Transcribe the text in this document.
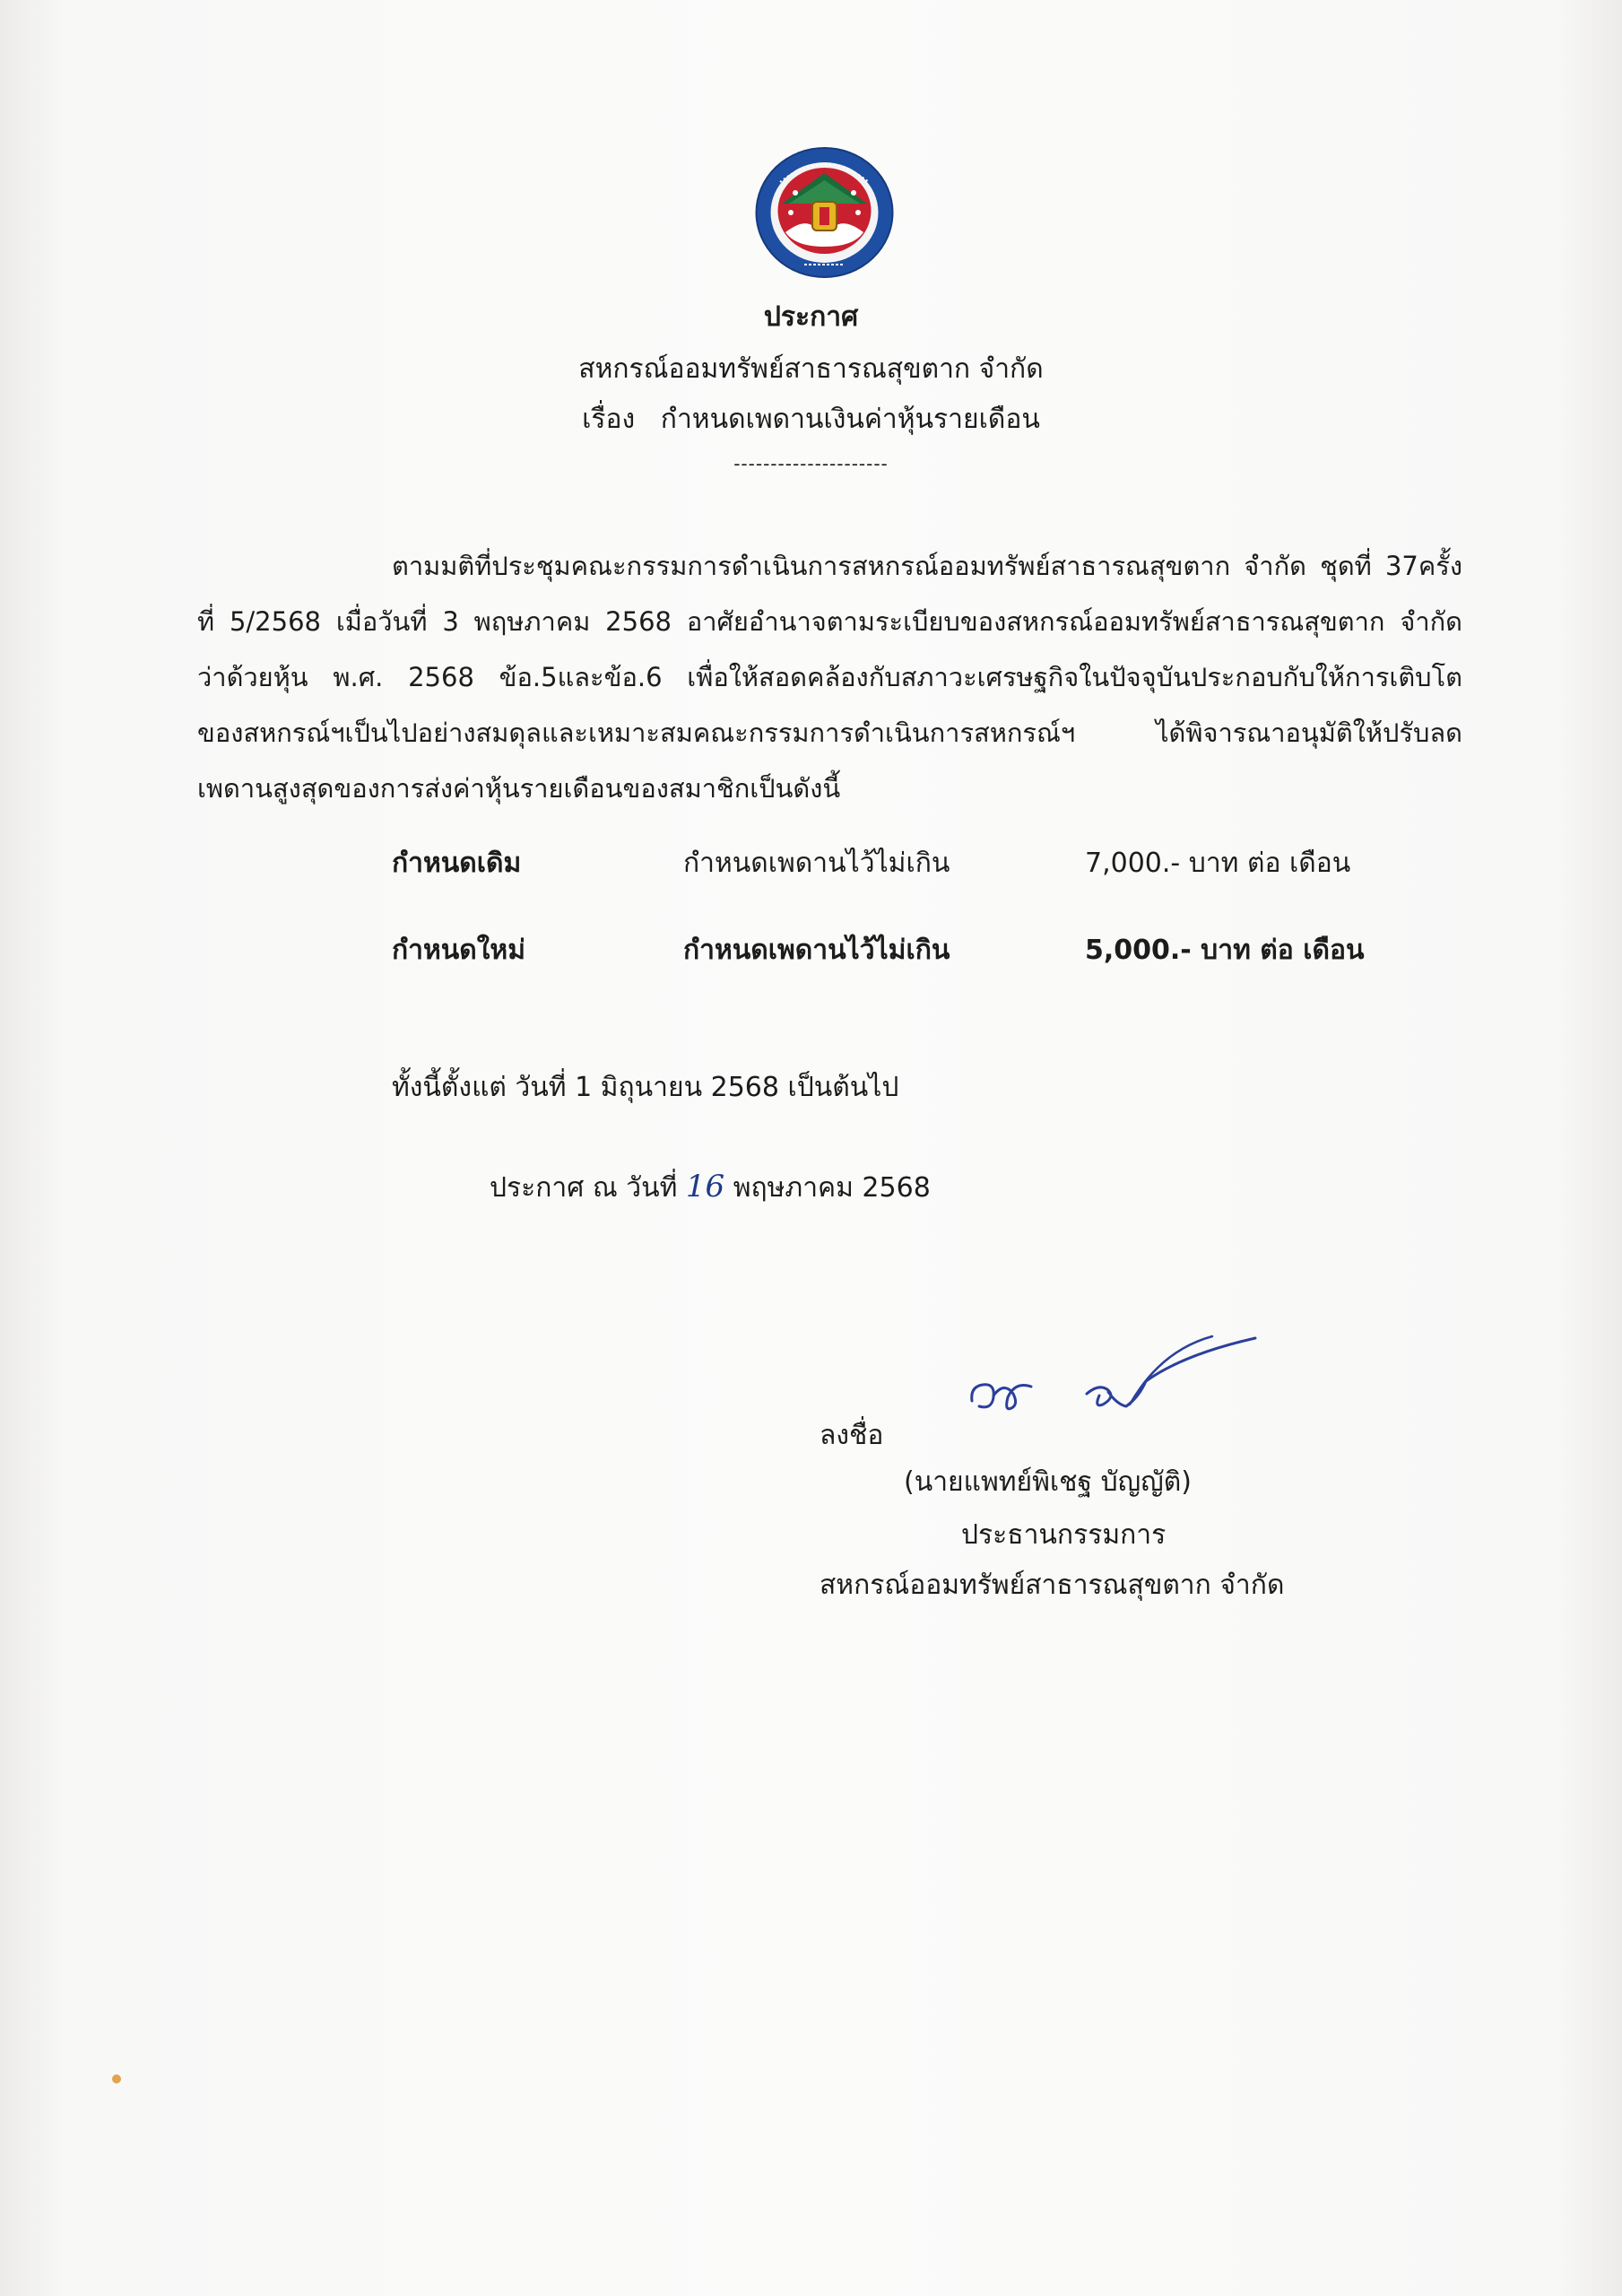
ประกาศ
สหกรณ์ออมทรัพย์สาธารณสุขตาก จำกัด
เรื่อง กำหนดเพดานเงินค่าหุ้นรายเดือน
---------------------
ตามมติที่ประชุมคณะกรรมการดำเนินการสหกรณ์ออมทรัพย์สาธารณสุขตาก จำกัด ชุดที่ 37ครั้ง
ที่ 5/2568 เมื่อวันที่ 3 พฤษภาคม 2568 อาศัยอำนาจตามระเบียบของสหกรณ์ออมทรัพย์สาธารณสุขตาก จำกัด
ว่าด้วยหุ้น พ.ศ. 2568 ข้อ.5และข้อ.6 เพื่อให้สอดคล้องกับสภาวะเศรษฐกิจในปัจจุบันประกอบกับให้การเติบโต
ของสหกรณ์ฯเป็นไปอย่างสมดุลและเหมาะสมคณะกรรมการดำเนินการสหกรณ์ฯ ได้พิจารณาอนุมัติให้ปรับลด
เพดานสูงสุดของการส่งค่าหุ้นรายเดือนของสมาชิกเป็นดังนี้
กำหนดเดิม	กำหนดเพดานไว้ไม่เกิน	7,000.- บาท ต่อ เดือน
กำหนดใหม่	กำหนดเพดานไว้ไม่เกิน	5,000.- บาท ต่อ เดือน
ทั้งนี้ตั้งแต่ วันที่ 1 มิถุนายน 2568 เป็นต้นไป
ประกาศ ณ วันที่ 16 พฤษภาคม 2568
ลงชื่อ
(นายแพทย์พิเชฐ บัญญัติ)
ประธานกรรมการ
สหกรณ์ออมทรัพย์สาธารณสุขตาก จำกัด
